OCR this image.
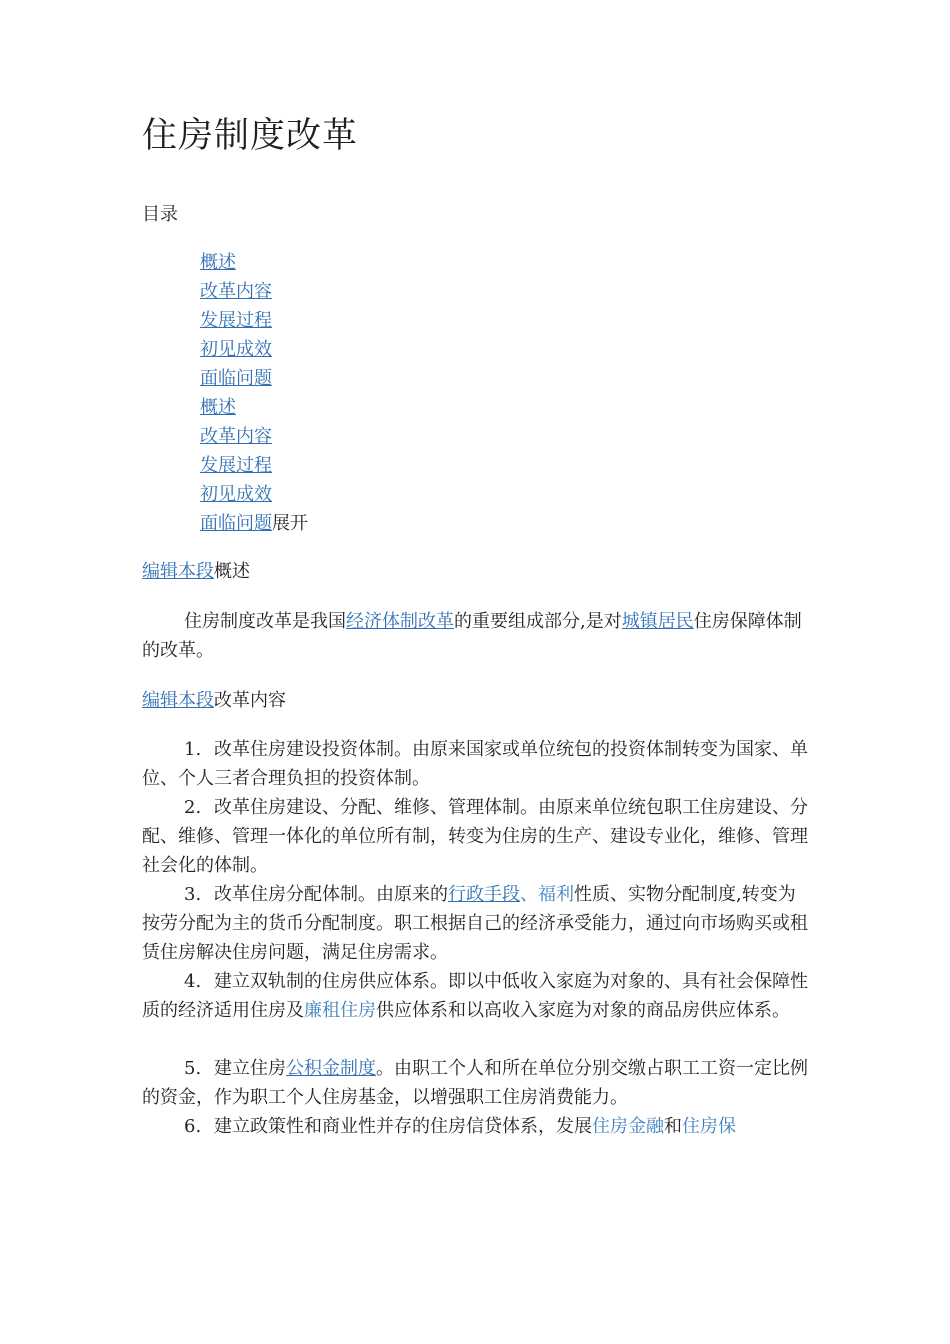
住房制度改革
目录
概述
改革内容
发展过程
初见成效
面临问题
概述
改革内容
发展过程
初见成效
面临问题展开
编辑本段概述

住房制度改革是我国经济体制改革的重要组成部分,是对城镇居民住房保障体制的改革。

编辑本段改革内容

1. 改革住房建设投资体制。由原来国家或单位统包的投资体制转变为国家、单位、个人三者合理负担的投资体制。

2. 改革住房建设、分配、维修、管理体制。由原来单位统包职工住房建设、分配、维修、管理一体化的单位所有制，转变为住房的生产、建设专业化，维修、管理社会化的体制。

3. 改革住房分配体制。由原来的行政手段、福利性质、实物分配制度,转变为按劳分配为主的货币分配制度。职工根据自己的经济承受能力，通过向市场购买或租赁住房解决住房问题，满足住房需求。

4. 建立双轨制的住房供应体系。即以中低收入家庭为对象的、具有社会保障性质的经济适用住房及廉租住房供应体系和以高收入家庭为对象的商品房供应体系。

5. 建立住房公积金制度。由职工个人和所在单位分别交缴占职工工资一定比例的资金，作为职工个人住房基金，以增强职工住房消费能力。

6. 建立政策性和商业性并存的住房信贷体系，发展住房金融和住房保
